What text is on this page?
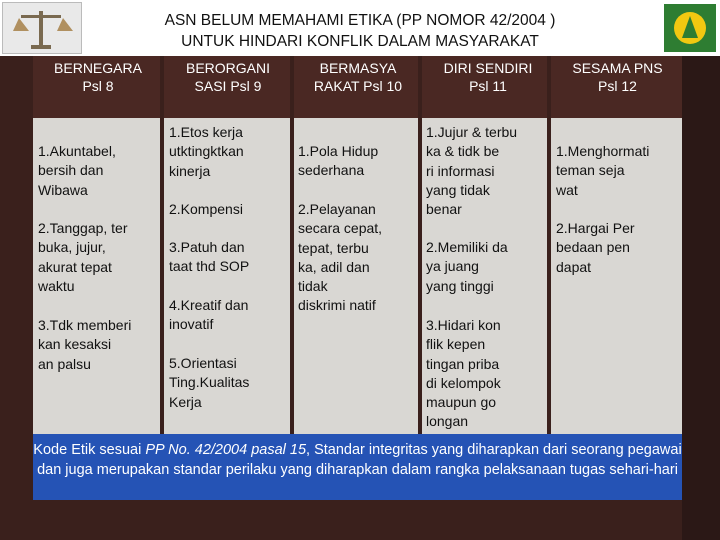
ASN BELUM MEMAHAMI ETIKA (PP NOMOR 42/2004 )
UNTUK HINDARI KONFLIK DALAM MASYARAKAT
BERNEGARA
Psl 8
BERORGANI
SASI Psl 9
BERMASYA
RAKAT Psl 10
DIRI SENDIRI
Psl 11
SESAMA PNS
Psl 12
1.Akuntabel,
bersih dan
Wibawa
2.Tanggap, ter
buka, jujur,
akurat tepat
waktu
3.Tdk memberi
kan kesaksi
an palsu
1.Etos kerja
utktingktkan
kinerja
2.Kompensi
3.Patuh dan
taat thd SOP
4.Kreatif dan
inovatif
5.Orientasi
Ting.Kualitas
Kerja
1.Pola Hidup
sederhana
2.Pelayanan
secara cepat,
tepat, terbu
ka, adil dan
tidak
diskrimi natif
1.Jujur & terbu
ka & tidk be
ri informasi
yang tidak
benar
2.Memiliki da
ya juang
yang tinggi
3.Hidari kon
flik kepen
tingan priba
di kelompok
maupun go
longan
1.Menghormati
teman seja
wat
2.Hargai Per
bedaan pen
dapat
Kode Etik sesuai PP No. 42/2004 pasal 15, Standar integritas yang diharapkan dari seorang pegawai dan juga merupakan standar perilaku yang diharapkan dalam rangka pelaksanaan tugas sehari-hari
